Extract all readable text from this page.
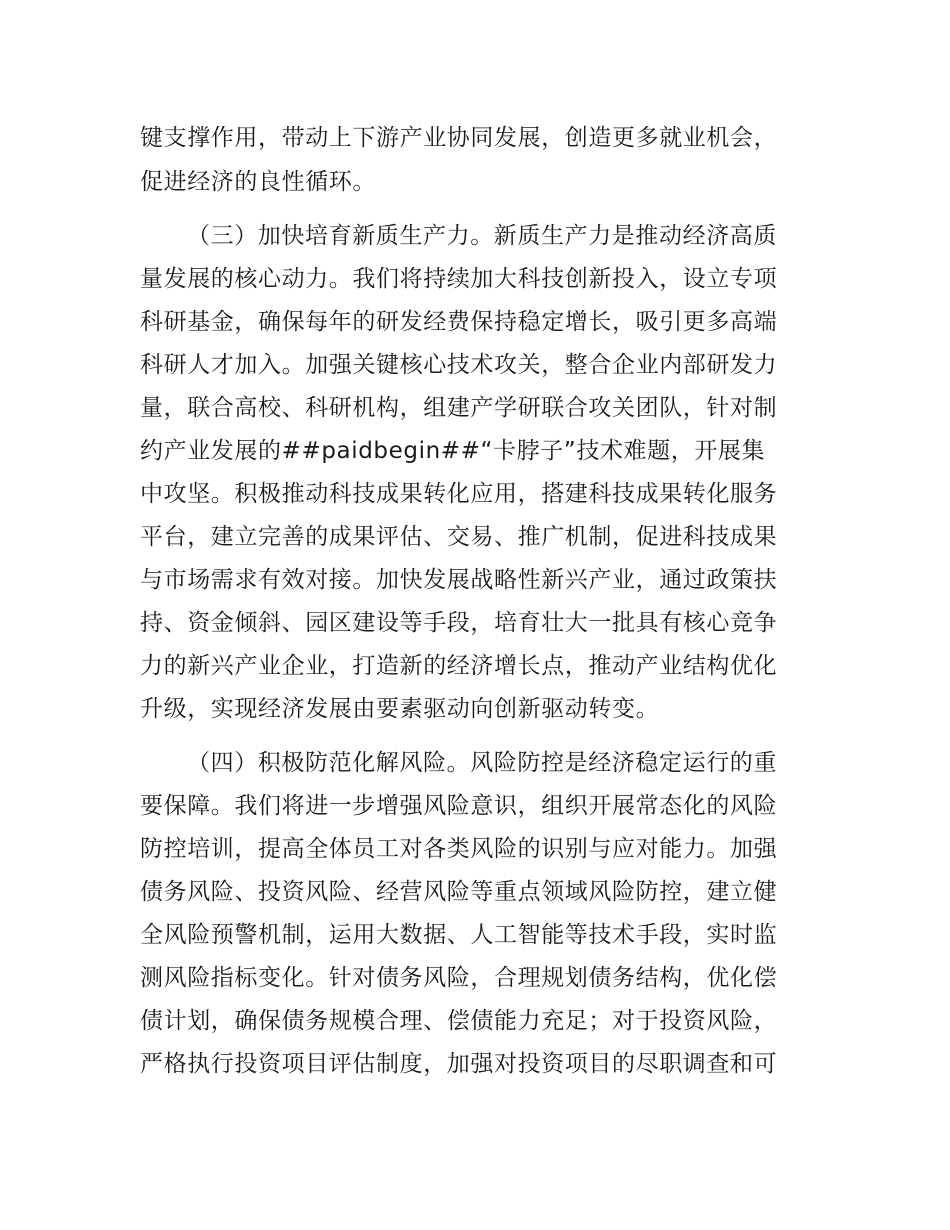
键支撑作用，带动上下游产业协同发展，创造更多就业机会，
促进经济的良性循环。
（三）加快培育新质生产力。新质生产力是推动经济高质
量发展的核心动力。我们将持续加大科技创新投入，设立专项
科研基金，确保每年的研发经费保持稳定增长，吸引更多高端
科研人才加入。加强关键核心技术攻关，整合企业内部研发力
量，联合高校、科研机构，组建产学研联合攻关团队，针对制
约产业发展的##paidbegin##“卡脖子”技术难题，开展集
中攻坚。积极推动科技成果转化应用，搭建科技成果转化服务
平台，建立完善的成果评估、交易、推广机制，促进科技成果
与市场需求有效对接。加快发展战略性新兴产业，通过政策扶
持、资金倾斜、园区建设等手段，培育壮大一批具有核心竞争
力的新兴产业企业，打造新的经济增长点，推动产业结构优化
升级，实现经济发展由要素驱动向创新驱动转变。
（四）积极防范化解风险。风险防控是经济稳定运行的重
要保障。我们将进一步增强风险意识，组织开展常态化的风险
防控培训，提高全体员工对各类风险的识别与应对能力。加强
债务风险、投资风险、经营风险等重点领域风险防控，建立健
全风险预警机制，运用大数据、人工智能等技术手段，实时监
测风险指标变化。针对债务风险，合理规划债务结构，优化偿
债计划，确保债务规模合理、偿债能力充足；对于投资风险，
严格执行投资项目评估制度，加强对投资项目的尽职调查和可
